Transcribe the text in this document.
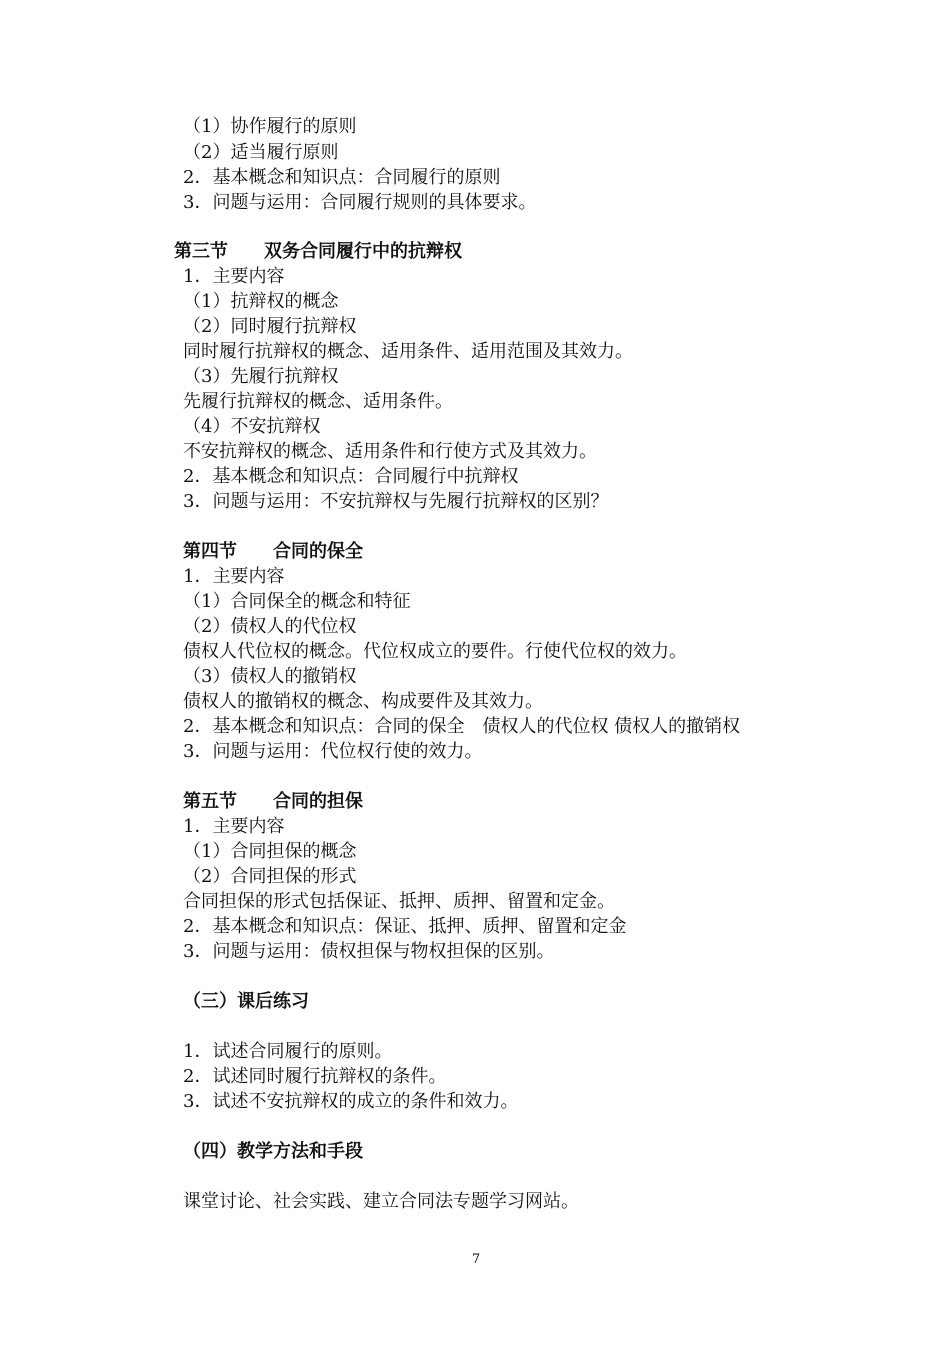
（1）协作履行的原则

（2）适当履行原则

2．基本概念和知识点：合同履行的原则

3．问题与运用：合同履行规则的具体要求。

第三节　　双务合同履行中的抗辩权

1．主要内容

（1）抗辩权的概念

（2）同时履行抗辩权

同时履行抗辩权的概念、适用条件、适用范围及其效力。

（3）先履行抗辩权

先履行抗辩权的概念、适用条件。

（4）不安抗辩权

不安抗辩权的概念、适用条件和行使方式及其效力。

2．基本概念和知识点：合同履行中抗辩权

3．问题与运用：不安抗辩权与先履行抗辩权的区别？

第四节　　合同的保全

1．主要内容

（1）合同保全的概念和特征

（2）债权人的代位权

债权人代位权的概念。代位权成立的要件。行使代位权的效力。

（3）债权人的撤销权

债权人的撤销权的概念、构成要件及其效力。

2．基本概念和知识点：合同的保全　债权人的代位权 债权人的撤销权

3．问题与运用：代位权行使的效力。

第五节　　合同的担保

1．主要内容

（1）合同担保的概念

（2）合同担保的形式

合同担保的形式包括保证、抵押、质押、留置和定金。

2．基本概念和知识点：保证、抵押、质押、留置和定金

3．问题与运用：债权担保与物权担保的区别。

（三）课后练习

1．试述合同履行的原则。

2．试述同时履行抗辩权的条件。

3．试述不安抗辩权的成立的条件和效力。

（四）教学方法和手段

课堂讨论、社会实践、建立合同法专题学习网站。

7
